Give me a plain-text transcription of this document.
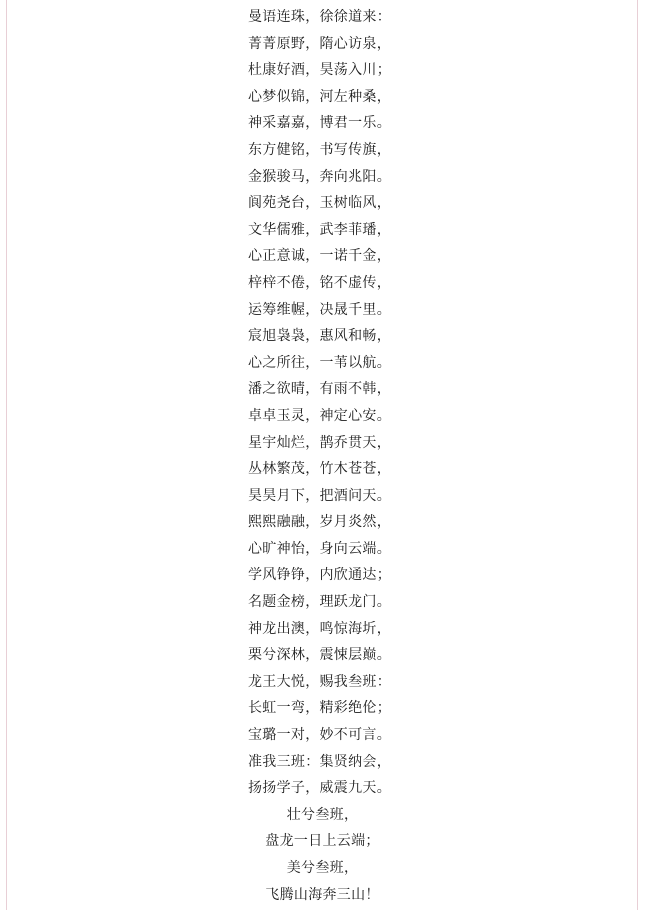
曼语连珠，徐徐道来：
菁菁原野，隋心访泉，
杜康好酒，昊荡入川；
心梦似锦，河左种桑，
神采嘉嘉，博君一乐。
东方健铭，书写传旗，
金猴骏马，奔向兆阳。
阆苑尧台，玉树临风，
文华儒雅，武李菲璠，
心正意诚，一诺千金，
梓梓不倦，铭不虚传，
运筹维幄，决晟千里。
宸旭袅袅，惠风和畅，
心之所往，一苇以航。
潘之欲晴，有雨不韩，
卓卓玉灵，神定心安。
星宇灿烂，鹊乔贯天，
丛林繁茂，竹木苍苍，
昊昊月下，把酒问天。
熙熙融融，岁月炎然，
心旷神怡，身向云端。
学风铮铮，内欣通达；
名题金榜，理跃龙门。
神龙出澳，鸣惊海圻，
栗兮深林，震悚层巅。
龙王大悦，赐我叁班：
长虹一弯，精彩绝伦；
宝璐一对，妙不可言。
准我三班：集贤纳会，
扬扬学子，威震九天。
壮兮叁班，
盘龙一日上云端；
美兮叁班，
飞腾山海奔三山！
